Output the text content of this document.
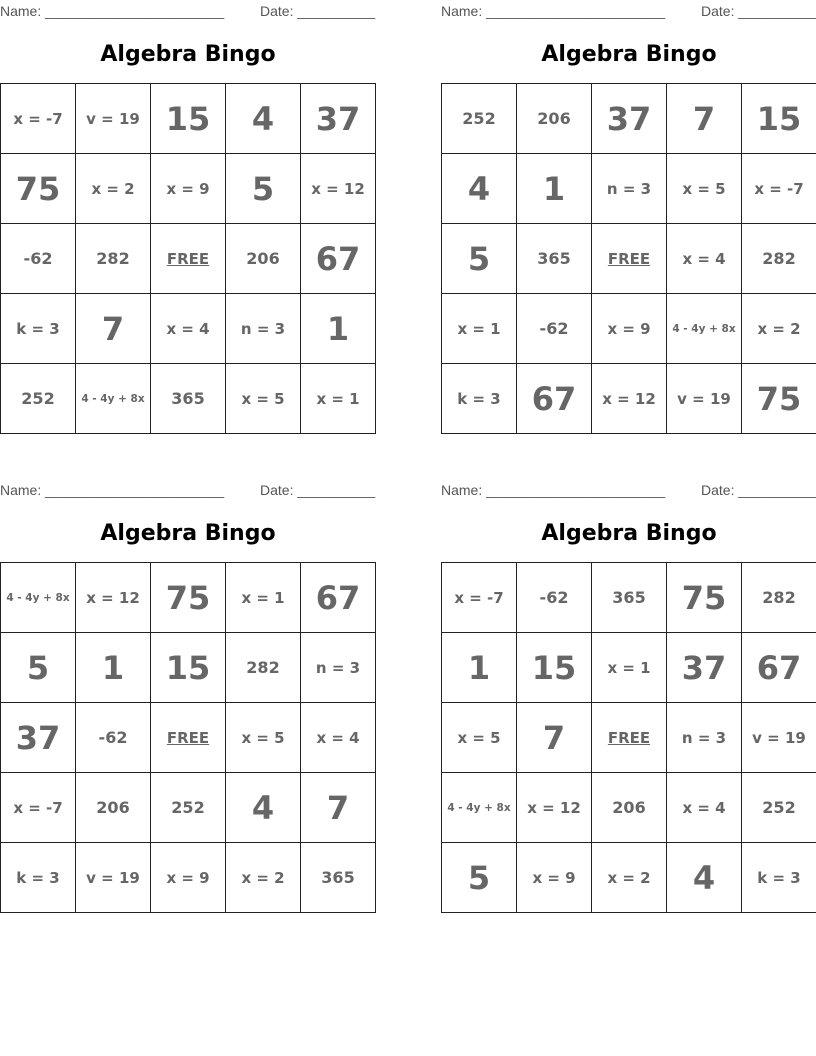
Name: _______________________	Date: __________
Algebra Bingo
x = -7	v = 19	15	4	37
75	x = 2	x = 9	5	x = 12
-62	282	FREE	206	67
k = 3	7	x = 4	n = 3	1
252	4 - 4y + 8x	365	x = 5	x = 1
Name: _______________________	Date: __________
Algebra Bingo
252	206	37	7	15
4	1	n = 3	x = 5	x = -7
5	365	FREE	x = 4	282
x = 1	-62	x = 9	4 - 4y + 8x	x = 2
k = 3	67	x = 12	v = 19	75
Name: _______________________	Date: __________
Algebra Bingo
4 - 4y + 8x	x = 12	75	x = 1	67
5	1	15	282	n = 3
37	-62	FREE	x = 5	x = 4
x = -7	206	252	4	7
k = 3	v = 19	x = 9	x = 2	365
Name: _______________________	Date: __________
Algebra Bingo
x = -7	-62	365	75	282
1	15	x = 1	37	67
x = 5	7	FREE	n = 3	v = 19
4 - 4y + 8x	x = 12	206	x = 4	252
5	x = 9	x = 2	4	k = 3
